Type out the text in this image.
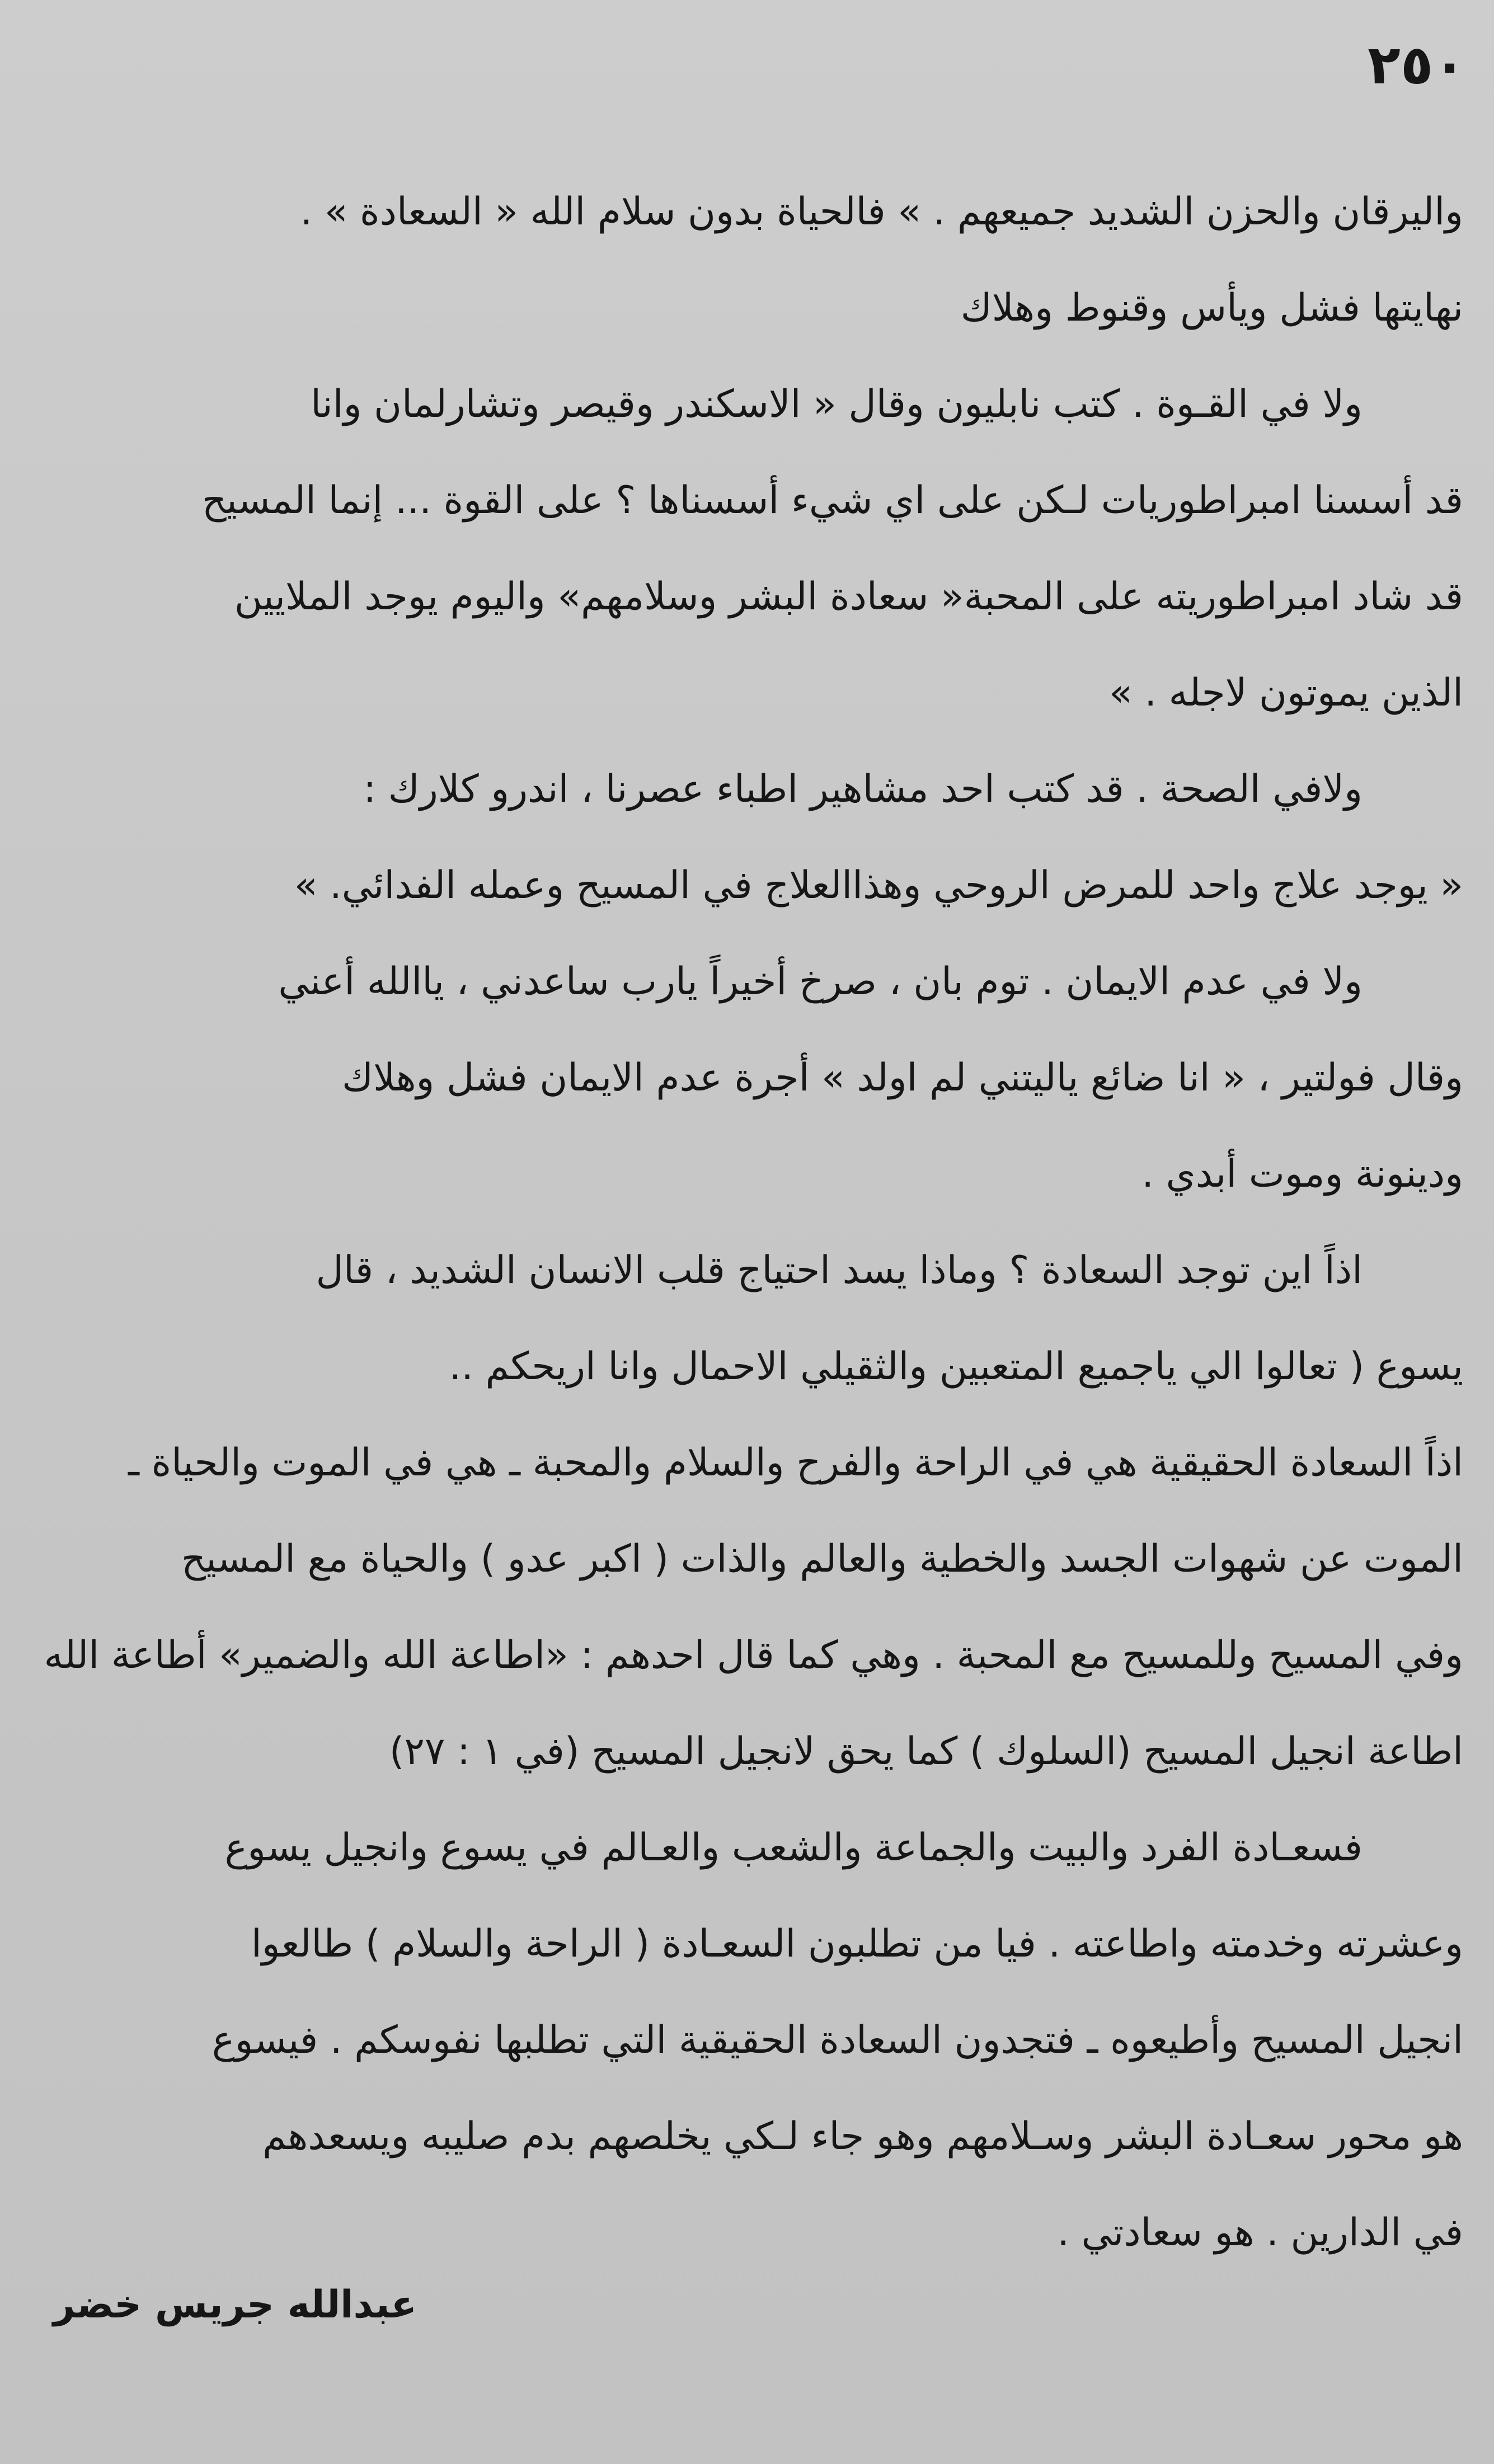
٢٥٠
واليرقان والحزن الشديد جميعهم . » فالحياة بدون سلام الله « السعادة » .
نهايتها فشل ويأس وقنوط وهلاك
ولا في القـوة . كتب نابليون وقال « الاسكندر وقيصر وتشارلمان وانا
قد أسسنا امبراطوريات لـكن على اي شيء أسسناها ؟ على القوة ... إنما المسيح
قد شاد امبراطوريته على المحبة« سعادة البشر وسلامهم» واليوم يوجد الملايين
الذين يموتون لاجله . »
ولافي الصحة . قد كتب احد مشاهير اطباء عصرنا ، اندرو كلارك :
« يوجد علاج واحد للمرض الروحي وهذاالعلاج في المسيح وعمله الفدائي. »
ولا في عدم الايمان . توم بان ، صرخ أخيراً يارب ساعدني ، ياالله أعني
وقال فولتير ، « انا ضائع ياليتني لم اولد » أجرة عدم الايمان فشل وهلاك
ودينونة وموت أبدي .
اذاً اين توجد السعادة ؟ وماذا يسد احتياج قلب الانسان الشديد ، قال
يسوع ( تعالوا الي ياجميع المتعبين والثقيلي الاحمال وانا اريحكم ..
اذاً السعادة الحقيقية هي في الراحة والفرح والسلام والمحبة ـ هي في الموت والحياة ـ
الموت عن شهوات الجسد والخطية والعالم والذات ( اكبر عدو ) والحياة مع المسيح
وفي المسيح وللمسيح مع المحبة . وهي كما قال احدهم : «اطاعة الله والضمير» أطاعة الله
اطاعة انجيل المسيح (السلوك ) كما يحق لانجيل المسيح (في ١ : ٢٧)
فسعـادة الفرد والبيت والجماعة والشعب والعـالم في يسوع وانجيل يسوع
وعشرته وخدمته واطاعته . فيا من تطلبون السعـادة ( الراحة والسلام ) طالعوا
انجيل المسيح وأطيعوه ـ فتجدون السعادة الحقيقية التي تطلبها نفوسكم . فيسوع
هو محور سعـادة البشر وسـلامهم وهو جاء لـكي يخلصهم بدم صليبه ويسعدهم
في الدارين . هو سعادتي .
عبدالله جريس خضر
